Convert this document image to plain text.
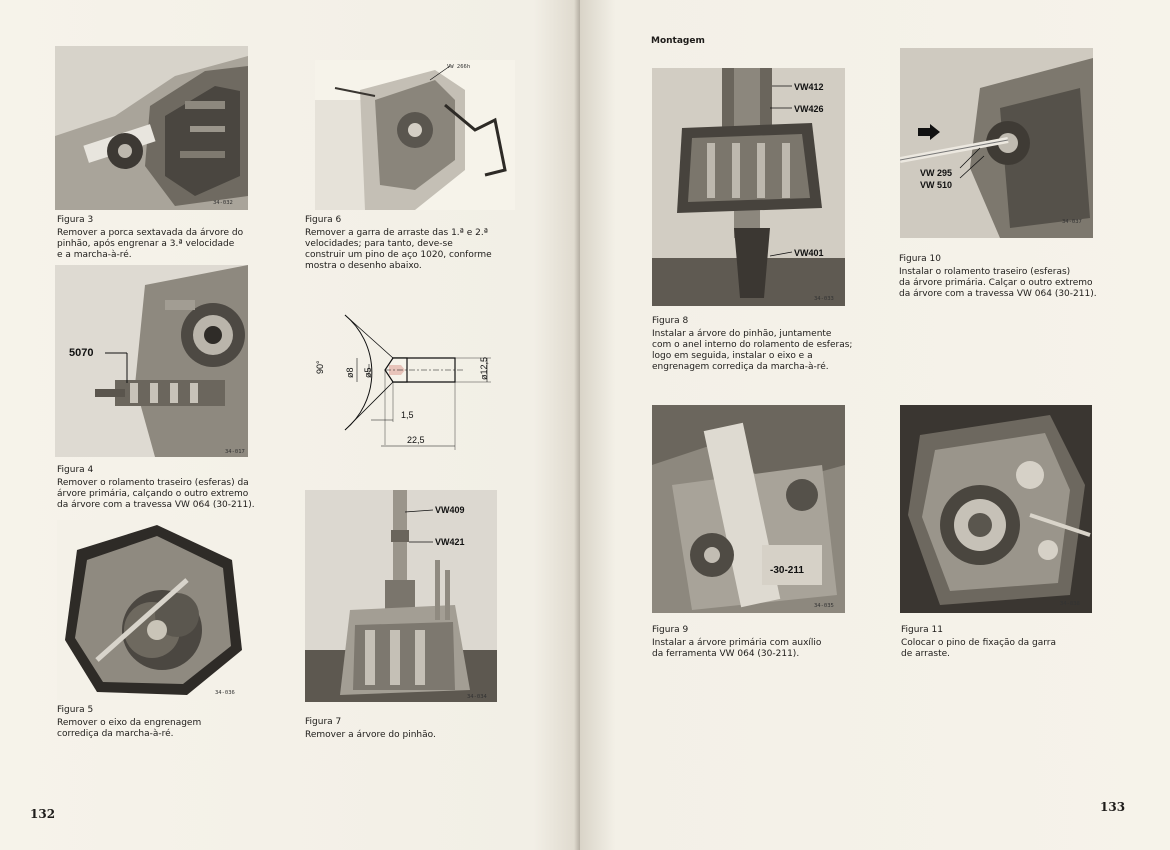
34-032
Figura 3
Remover a porca sextavada da árvore do
pinhão, após engrenar a 3.ª velocidade
e a marcha-à-ré.
5070
34-017
Figura 4
Remover o rolamento traseiro (esferas) da
árvore primária, calçando o outro extremo
da árvore com a travessa VW 064 (30-211).
34-036
Figura 5
Remover o eixo da engrenagem
corrediça da marcha-à-ré.
VW 266h
Figura 6
Remover a garra de arraste das 1.ª e 2.ª
velocidades; para tanto, deve-se
construir um pino de aço 1020, conforme
mostra o desenho abaixo.
90° ø8 ø5	ø12,5
1,5
22,5
VW409
VW421
34-034
Figura 7
Remover a árvore do pinhão.
132
Montagem
VW412
VW426
VW401
34-033
Figura 8
Instalar a árvore do pinhão, juntamente
com o anel interno do rolamento de esferas;
logo em seguida, instalar o eixo e a
engrenagem corrediça da marcha-à-ré.
-30-211
34-035
Figura 9
Instalar a árvore primária com auxílio
da ferramenta VW 064 (30-211).
VW 295
VW 510
34-037
Figura 10
Instalar o rolamento traseiro (esferas)
da árvore primária. Calçar o outro extremo
da árvore com a travessa VW 064 (30-211).
34-038
Figura 11
Colocar o pino de fixação da garra
de arraste.
133
